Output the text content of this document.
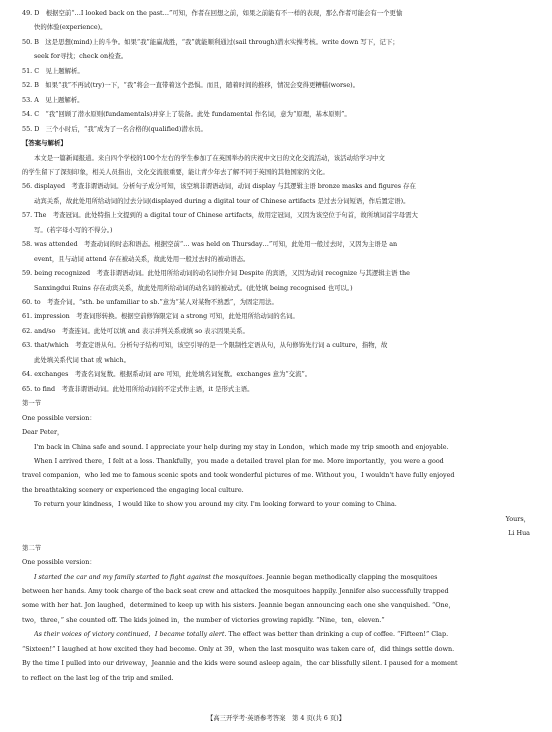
49. D　根据空前“…I looked back on the past…”可知，作者在回想之前，如果之前能有不一样的表现，那么作者可能会有一个更愉
快的体验(experience)。
50. B　这是思想(mind)上的斗争。如果“我”能赢战胜，“我”就能顺利通过(sail through)潜水实操考核。write down 写下，记下；
seek for寻找；check on检查。
51. C　见上题解析。
52. B　如果“我”不再试(try)一下，“我”将会一直带着这个恐惧。而且，随着时间的推移，情况会变得更糟糕(worse)。
53. A　见上题解析。
54. C　“我”回顾了潜水原则(fundamentals)并穿上了装备。此处 fundamental 作名词，意为“原理，基本原则”。
55. D　三个小时后，“我”成为了一名合格的(qualified)潜水员。
【答案与解析】
本文是一篇新闻报道。来自四个学校的100个左右的学生参加了在英国举办的庆祝中文日的文化交流活动，该活动给学习中文
的学生留下了深刻印象，相关人员指出，文化交流很重要，能让青少年去了解不同于英国的其他国家的文化。
56. displayed　考查非谓语动词。分析句子成分可知，该空填非谓语动词，动词 display 与其逻辑主语 bronze masks and figures 存在
动宾关系，故此处用所给动词的过去分词(displayed during a digital tour of Chinese artifacts 是过去分词短语，作后置定语)。
57. The　考查冠词。此处特指上文提到的 a digital tour of Chinese artifacts，故用定冠词，又因为该空位于句首，故所填词首字母需大
写。(若字母小写的不得分。)
58. was attended　考查动词的时态和语态。根据空前“… was held on Thursday…”可知，此处用一般过去时，又因为主语是 an
event，且与动词 attend 存在被动关系，故此处用一般过去时的被动语态。
59. being recognized　考查非谓语动词。此处用所给动词的动名词作介词 Despite 的宾语，又因为动词 recognize 与其逻辑主语 the
Sanxingdui Ruins 存在动宾关系，故此处用所给动词的动名词的被动式。(此处填 being recognised 也可以。)
60. to　考查介词。“sth. be unfamiliar to sb.”意为“某人对某物不熟悉”，为固定用法。
61. impression　考查词形转换。根据空前修饰限定词 a strong 可知，此处用所给动词的名词。
62. and/so　考查连词。此处可以填 and 表示并列关系或填 so 表示因果关系。
63. that/which　考查定语从句。分析句子结构可知，该空引导的是一个限制性定语从句，从句修饰先行词 a culture，指物，故
此处填关系代词 that 或 which。
64. exchanges　考查名词复数。根据系动词 are 可知，此处填名词复数。exchanges 意为“交流”。
65. to find　考查非谓语动词。此处用所给动词的不定式作主语，it 是形式主语。
第一节
One possible version：
Dear Peter，
I'm back in China safe and sound. I appreciate your help during my stay in London，which made my trip smooth and enjoyable.
When I arrived there，I felt at a loss. Thankfully，you made a detailed travel plan for me. More importantly，you were a good
travel companion，who led me to famous scenic spots and took wonderful pictures of me. Without you，I wouldn't have fully enjoyed
the breathtaking scenery or experienced the engaging local culture.
To return your kindness，I would like to show you around my city. I'm looking forward to your coming to China.
Yours，
Li Hua
第二节
One possible version：
I started the car and my family started to fight against the mosquitoes. Jeannie began methodically clapping the mosquitoes
between her hands. Amy took charge of the back seat crew and attacked the mosquitoes happily. Jennifer also successfully trapped
some with her hat. Jon laughed，determined to keep up with his sisters. Jeannie began announcing each one she vanquished. “One，
two，three，” she counted off. The kids joined in，the number of victories growing rapidly. “Nine，ten，eleven.”
As their voices of victory continued，I became totally alert. The effect was better than drinking a cup of coffee. “Fifteen!” Clap.
“Sixteen!” I laughed at how excited they had become. Only at 39，when the last mosquito was taken care of，did things settle down.
By the time I pulled into our driveway，Jeannie and the kids were sound asleep again，the car blissfully silent. I paused for a moment
to reflect on the last leg of the trip and smiled.
【高三开学考·英语参考答案　第 4 页(共 6 页)】
